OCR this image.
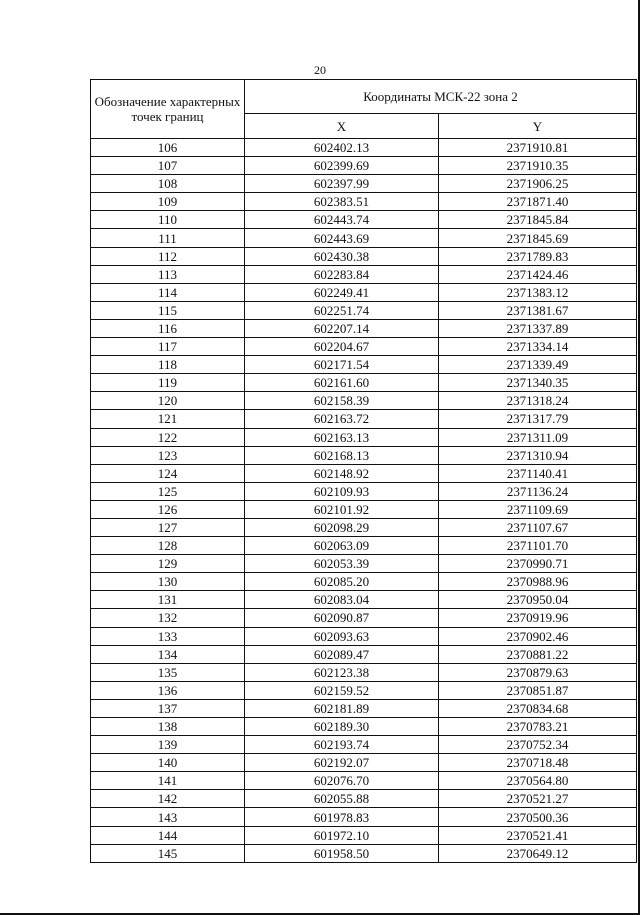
20
Обозначение характерных точек границ	Координаты МСК-22 зона 2	
	X	Y
106	602402.13	2371910.81
107	602399.69	2371910.35
108	602397.99	2371906.25
109	602383.51	2371871.40
110	602443.74	2371845.84
111	602443.69	2371845.69
112	602430.38	2371789.83
113	602283.84	2371424.46
114	602249.41	2371383.12
115	602251.74	2371381.67
116	602207.14	2371337.89
117	602204.67	2371334.14
118	602171.54	2371339.49
119	602161.60	2371340.35
120	602158.39	2371318.24
121	602163.72	2371317.79
122	602163.13	2371311.09
123	602168.13	2371310.94
124	602148.92	2371140.41
125	602109.93	2371136.24
126	602101.92	2371109.69
127	602098.29	2371107.67
128	602063.09	2371101.70
129	602053.39	2370990.71
130	602085.20	2370988.96
131	602083.04	2370950.04
132	602090.87	2370919.96
133	602093.63	2370902.46
134	602089.47	2370881.22
135	602123.38	2370879.63
136	602159.52	2370851.87
137	602181.89	2370834.68
138	602189.30	2370783.21
139	602193.74	2370752.34
140	602192.07	2370718.48
141	602076.70	2370564.80
142	602055.88	2370521.27
143	601978.83	2370500.36
144	601972.10	2370521.41
145	601958.50	2370649.12
